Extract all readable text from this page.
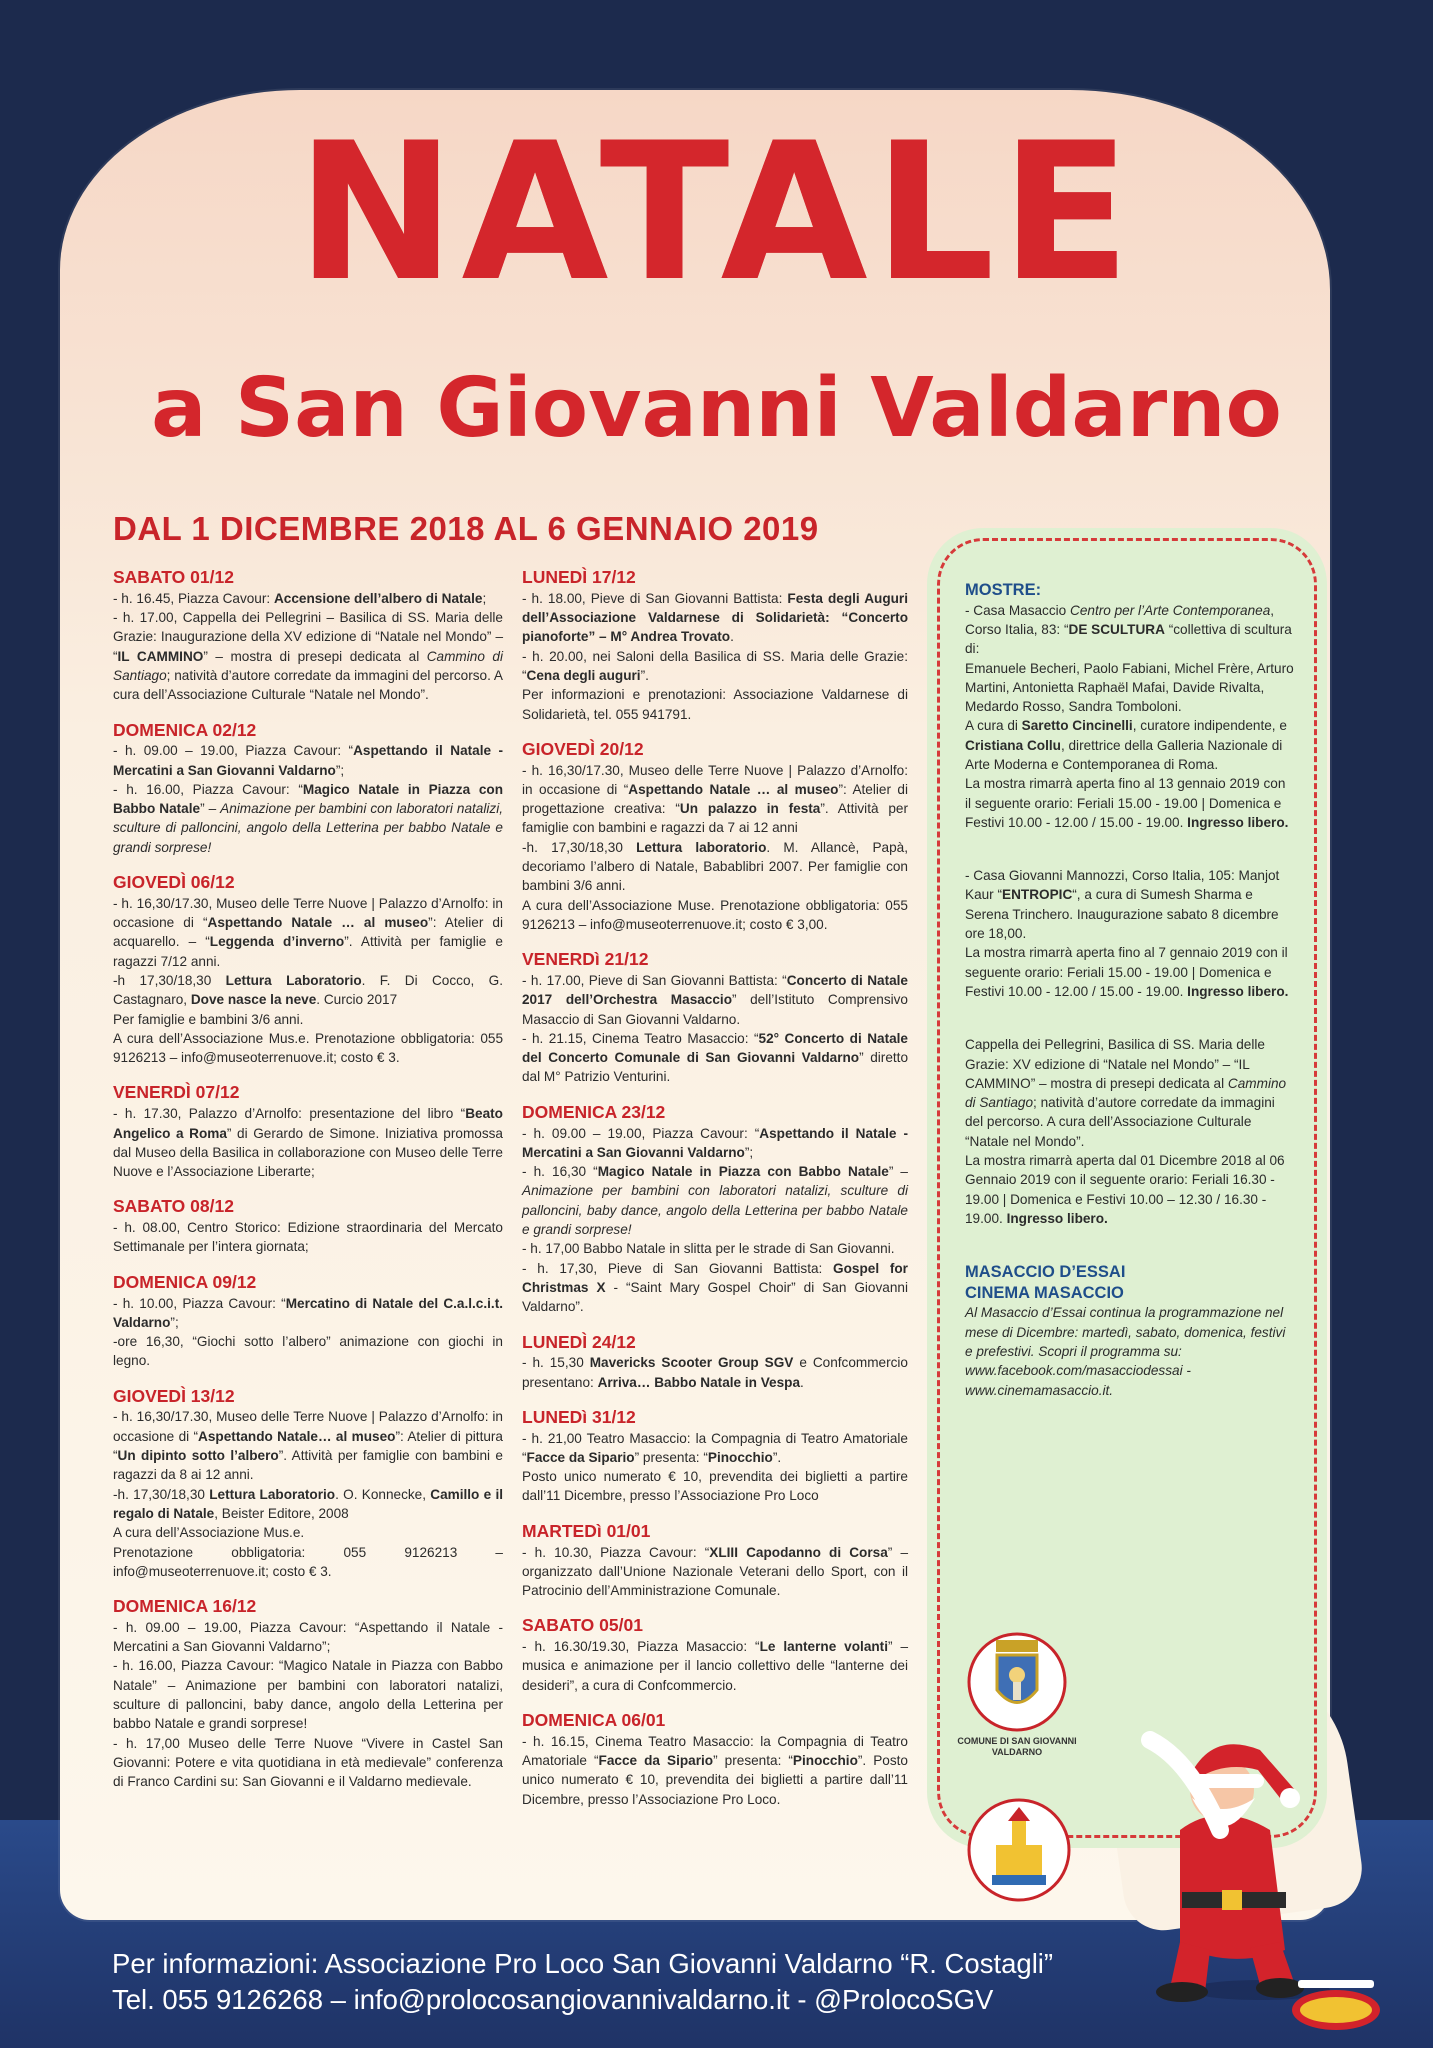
NATALE
a San Giovanni Valdarno
DAL 1 DICEMBRE 2018 AL 6 GENNAIO 2019
SABATO 01/12
- h. 16.45, Piazza Cavour: Accensione dell’albero di Natale;
- h. 17.00, Cappella dei Pellegrini – Basilica di SS. Maria delle Grazie: Inaugurazione della XV edizione di “Natale nel Mondo” – “IL CAMMINO” – mostra di presepi dedicata al Cammino di Santiago; natività d’autore corredate da immagini del percorso. A cura dell’Associazione Culturale “Natale nel Mondo”.
DOMENICA 02/12
- h. 09.00 – 19.00, Piazza Cavour: “Aspettando il Natale - Mercatini a San Giovanni Valdarno”;
- h. 16.00, Piazza Cavour: “Magico Natale in Piazza con Babbo Natale” – Animazione per bambini con laboratori natalizi, sculture di palloncini, angolo della Letterina per babbo Natale e grandi sorprese!
GIOVEDÌ 06/12
- h. 16,30/17.30, Museo delle Terre Nuove | Palazzo d’Arnolfo: in occasione di “Aspettando Natale … al museo”: Atelier di acquarello. – “Leggenda d’inverno”. Attività per famiglie e ragazzi 7/12 anni.
-h 17,30/18,30 Lettura Laboratorio. F. Di Cocco, G. Castagnaro, Dove nasce la neve. Curcio 2017
Per famiglie e bambini 3/6 anni.
A cura dell’Associazione Mus.e. Prenotazione obbligatoria: 055 9126213 – info@museoterrenuove.it; costo € 3.
VENERDÌ 07/12
- h. 17.30, Palazzo d’Arnolfo: presentazione del libro “Beato Angelico a Roma” di Gerardo de Simone. Iniziativa promossa dal Museo della Basilica in collaborazione con Museo delle Terre Nuove e l’Associazione Liberarte;
SABATO 08/12
- h. 08.00, Centro Storico: Edizione straordinaria del Mercato Settimanale per l’intera giornata;
DOMENICA 09/12
- h. 10.00, Piazza Cavour: “Mercatino di Natale del C.a.l.c.i.t. Valdarno”;
-ore 16,30, “Giochi sotto l’albero” animazione con giochi in legno.
GIOVEDÌ 13/12
- h. 16,30/17.30, Museo delle Terre Nuove | Palazzo d’Arnolfo: in occasione di “Aspettando Natale… al museo”: Atelier di pittura “Un dipinto sotto l’albero”. Attività per famiglie con bambini e ragazzi da 8 ai 12 anni.
-h. 17,30/18,30 Lettura Laboratorio. O. Konnecke, Camillo e il regalo di Natale, Beister Editore, 2008
A cura dell’Associazione Mus.e.
Prenotazione obbligatoria: 055 9126213 – info@museoterrenuove.it; costo € 3.
DOMENICA 16/12
- h. 09.00 – 19.00, Piazza Cavour: “Aspettando il Natale - Mercatini a San Giovanni Valdarno”;
- h. 16.00, Piazza Cavour: “Magico Natale in Piazza con Babbo Natale” – Animazione per bambini con laboratori natalizi, sculture di palloncini, baby dance, angolo della Letterina per babbo Natale e grandi sorprese!
- h. 17,00 Museo delle Terre Nuove “Vivere in Castel San Giovanni: Potere e vita quotidiana in età medievale” conferenza di Franco Cardini su: San Giovanni e il Valdarno medievale.
LUNEDÌ 17/12
- h. 18.00, Pieve di San Giovanni Battista: Festa degli Auguri dell’Associazione Valdarnese di Solidarietà: “Concerto pianoforte” – M° Andrea Trovato.
- h. 20.00, nei Saloni della Basilica di SS. Maria delle Grazie: “Cena degli auguri”.
Per informazioni e prenotazioni: Associazione Valdarnese di Solidarietà, tel. 055 941791.
GIOVEDÌ 20/12
- h. 16,30/17.30, Museo delle Terre Nuove | Palazzo d’Arnolfo: in occasione di “Aspettando Natale … al museo”: Atelier di progettazione creativa: “Un palazzo in festa”. Attività per famiglie con bambini e ragazzi da 7 ai 12 anni
-h. 17,30/18,30 Lettura laboratorio. M. Allancè, Papà, decoriamo l’albero di Natale, Babablibri 2007. Per famiglie con bambini 3/6 anni.
A cura dell’Associazione Muse. Prenotazione obbligatoria: 055 9126213 – info@museoterrenuove.it; costo € 3,00.
VENERDì 21/12
- h. 17.00, Pieve di San Giovanni Battista: “Concerto di Natale 2017 dell’Orchestra Masaccio” dell’Istituto Comprensivo Masaccio di San Giovanni Valdarno.
- h. 21.15, Cinema Teatro Masaccio: “52° Concerto di Natale del Concerto Comunale di San Giovanni Valdarno” diretto dal M° Patrizio Venturini.
DOMENICA 23/12
- h. 09.00 – 19.00, Piazza Cavour: “Aspettando il Natale - Mercatini a San Giovanni Valdarno”;
- h. 16,30 “Magico Natale in Piazza con Babbo Natale” – Animazione per bambini con laboratori natalizi, sculture di palloncini, baby dance, angolo della Letterina per babbo Natale e grandi sorprese!
- h. 17,00 Babbo Natale in slitta per le strade di San Giovanni.
- h. 17,30, Pieve di San Giovanni Battista: Gospel for Christmas X - “Saint Mary Gospel Choir” di San Giovanni Valdarno”.
LUNEDÌ 24/12
- h. 15,30 Mavericks Scooter Group SGV e Confcommercio presentano: Arriva… Babbo Natale in Vespa.
LUNEDì 31/12
- h. 21,00 Teatro Masaccio: la Compagnia di Teatro Amatoriale “Facce da Sipario” presenta: “Pinocchio”.
Posto unico numerato € 10, prevendita dei biglietti a partire dall’11 Dicembre, presso l’Associazione Pro Loco
MARTEDì 01/01
- h. 10.30, Piazza Cavour: “XLIII Capodanno di Corsa” – organizzato dall’Unione Nazionale Veterani dello Sport, con il Patrocinio dell’Amministrazione Comunale.
SABATO 05/01
- h. 16.30/19.30, Piazza Masaccio: “Le lanterne volanti” – musica e animazione per il lancio collettivo delle “lanterne dei desideri”, a cura di Confcommercio.
DOMENICA 06/01
- h. 16.15, Cinema Teatro Masaccio: la Compagnia di Teatro Amatoriale “Facce da Sipario” presenta: “Pinocchio”. Posto unico numerato € 10, prevendita dei biglietti a partire dall’11 Dicembre, presso l’Associazione Pro Loco.
MOSTRE:
- Casa Masaccio Centro per l’Arte Contemporanea, Corso Italia, 83: “DE SCULTURA “collettiva di scultura di:
Emanuele Becheri, Paolo Fabiani, Michel Frère, Arturo Martini, Antonietta Raphaël Mafai, Davide Rivalta, Medardo Rosso, Sandra Tomboloni.
A cura di Saretto Cincinelli, curatore indipendente, e Cristiana Collu, direttrice della Galleria Nazionale di Arte Moderna e Contemporanea di Roma.
La mostra rimarrà aperta fino al 13 gennaio 2019 con il seguente orario: Feriali 15.00 - 19.00 | Domenica e Festivi 10.00 - 12.00 / 15.00 - 19.00. Ingresso libero.
- Casa Giovanni Mannozzi, Corso Italia, 105: Manjot Kaur “ENTROPIC“, a cura di Sumesh Sharma e Serena Trinchero. Inaugurazione sabato 8 dicembre ore 18,00.
La mostra rimarrà aperta fino al 7 gennaio 2019 con il seguente orario: Feriali 15.00 - 19.00 | Domenica e Festivi 10.00 - 12.00 / 15.00 - 19.00. Ingresso libero.
Cappella dei Pellegrini, Basilica di SS. Maria delle Grazie: XV edizione di “Natale nel Mondo” – “IL CAMMINO” – mostra di presepi dedicata al Cammino di Santiago; natività d’autore corredate da immagini del percorso. A cura dell’Associazione Culturale “Natale nel Mondo”.
La mostra rimarrà aperta dal 01 Dicembre 2018 al 06 Gennaio 2019 con il seguente orario: Feriali 16.30 - 19.00 | Domenica e Festivi 10.00 – 12.30 / 16.30 - 19.00. Ingresso libero.
MASACCIO D’ESSAI
CINEMA MASACCIO
Al Masaccio d’Essai continua la programmazione nel mese di Dicembre: martedì, sabato, domenica, festivi e prefestivi. Scopri il programma su: www.facebook.com/masacciodessai - www.cinemamasaccio.it.
COMUNE DI SAN GIOVANNI VALDARNO
Per informazioni: Associazione Pro Loco San Giovanni Valdarno “R. Costagli”
Tel. 055 9126268 – info@prolocosangiovannivaldarno.it - @ProlocoSGV
